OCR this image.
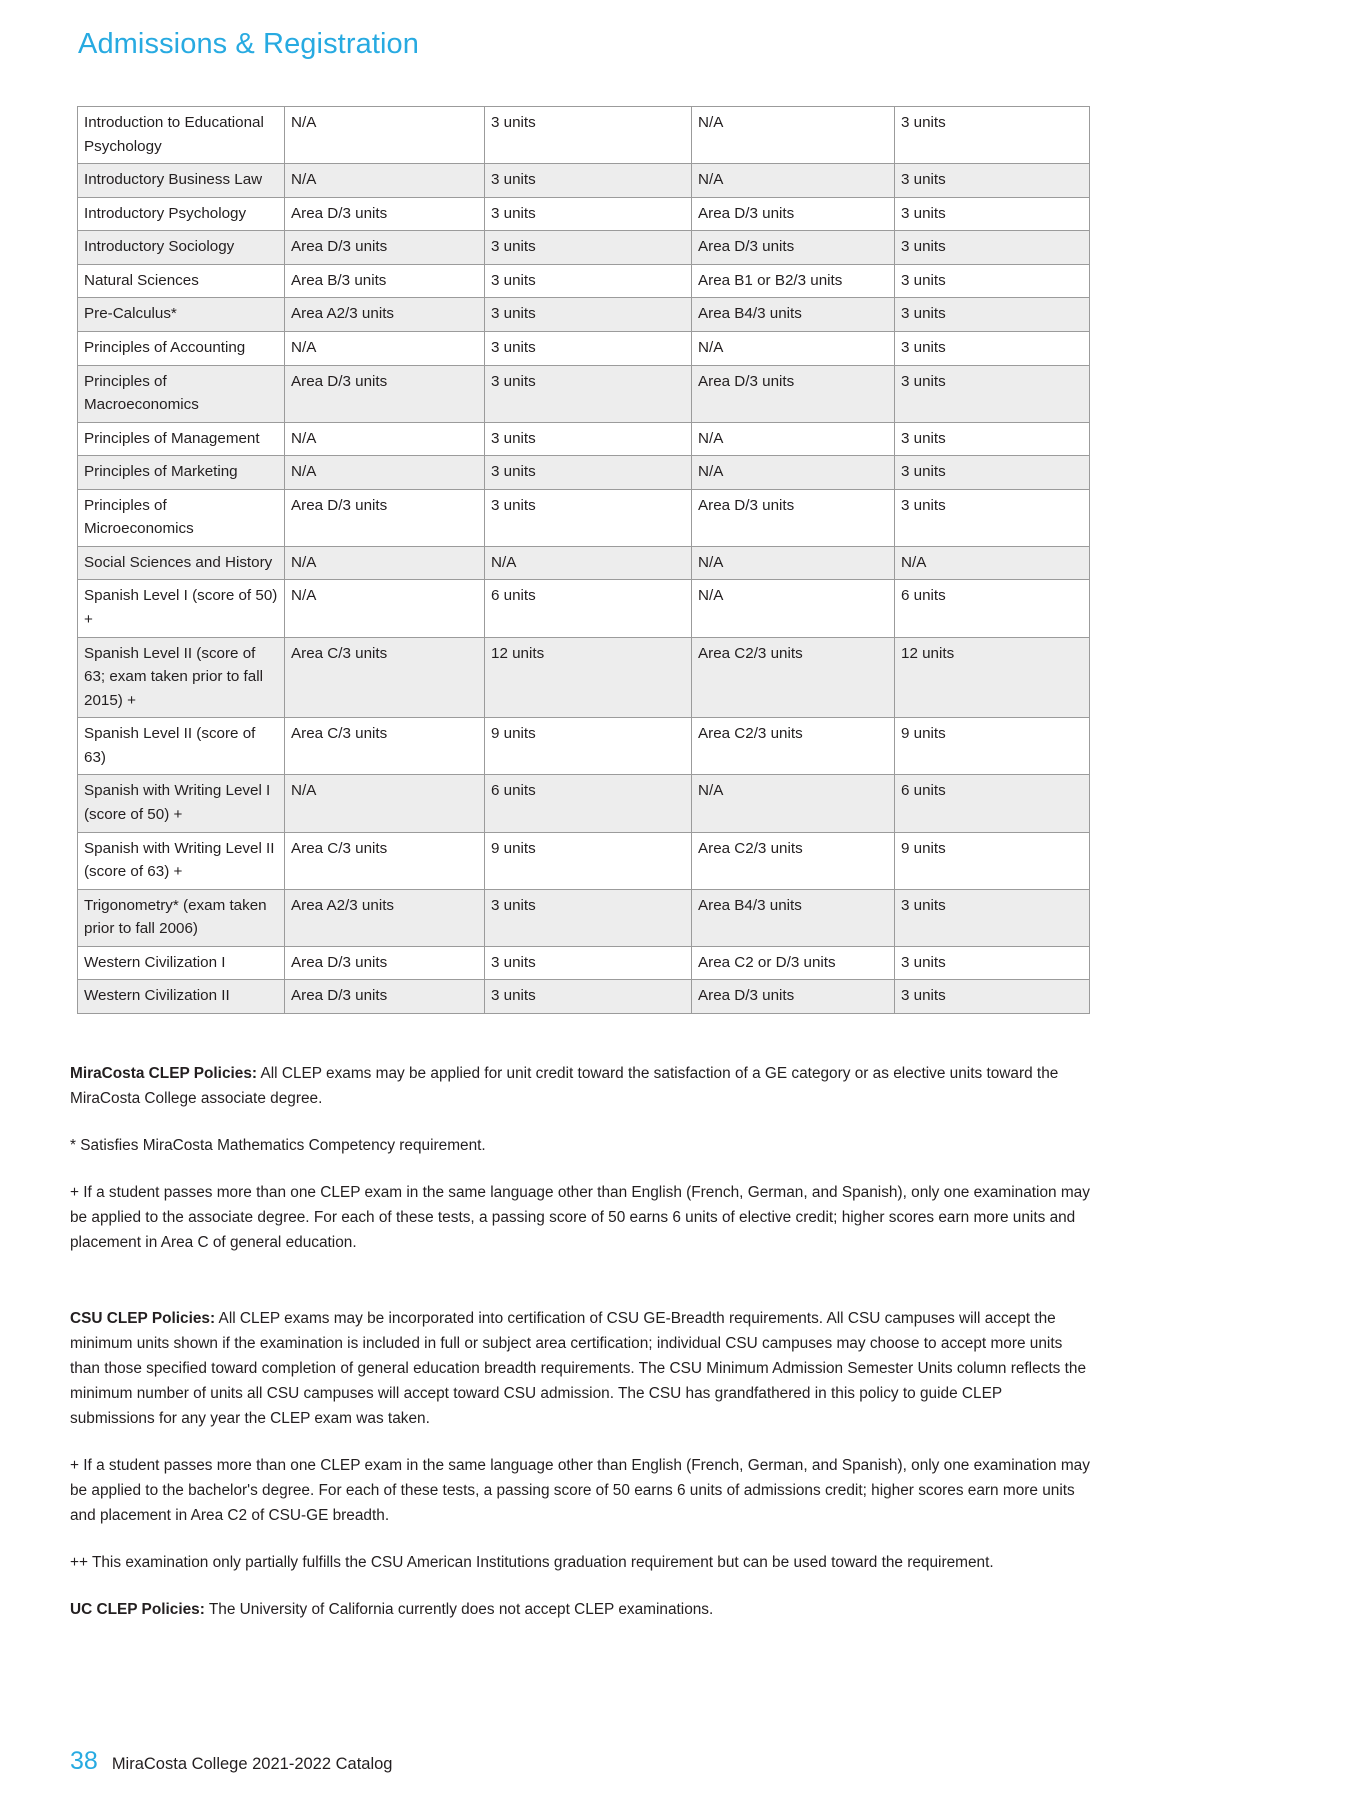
Admissions & Registration
Introduction to Educational Psychology	N/A	3 units	N/A	3 units
Introductory Business Law	N/A	3 units	N/A	3 units
Introductory Psychology	Area D/3 units	3 units	Area D/3 units	3 units
Introductory Sociology	Area D/3 units	3 units	Area D/3 units	3 units
Natural Sciences	Area B/3 units	3 units	Area B1 or B2/3 units	3 units
Pre-Calculus*	Area A2/3 units	3 units	Area B4/3 units	3 units
Principles of Accounting	N/A	3 units	N/A	3 units
Principles of Macroeconomics	Area D/3 units	3 units	Area D/3 units	3 units
Principles of Management	N/A	3 units	N/A	3 units
Principles of Marketing	N/A	3 units	N/A	3 units
Principles of Microeconomics	Area D/3 units	3 units	Area D/3 units	3 units
Social Sciences and History	N/A	N/A	N/A	N/A
Spanish Level I (score of 50) +	N/A	6 units	N/A	6 units
Spanish Level II (score of 63; exam taken prior to fall 2015) +	Area C/3 units	12 units	Area C2/3 units	12 units
Spanish Level II (score of 63)	Area C/3 units	9 units	Area C2/3 units	9 units
Spanish with Writing Level I (score of 50) +	N/A	6 units	N/A	6 units
Spanish with Writing Level II (score of 63) +	Area C/3 units	9 units	Area C2/3 units	9 units
Trigonometry* (exam taken prior to fall 2006)	Area A2/3 units	3 units	Area B4/3 units	3 units
Western Civilization I	Area D/3 units	3 units	Area C2 or D/3 units	3 units
Western Civilization II	Area D/3 units	3 units	Area D/3 units	3 units

MiraCosta CLEP Policies: All CLEP exams may be applied for unit credit toward the satisfaction of a GE category or as elective units toward the MiraCosta College associate degree.

* Satisfies MiraCosta Mathematics Competency requirement.

+ If a student passes more than one CLEP exam in the same language other than English (French, German, and Spanish), only one examination may be applied to the associate degree. For each of these tests, a passing score of 50 earns 6 units of elective credit; higher scores earn more units and placement in Area C of general education.

CSU CLEP Policies: All CLEP exams may be incorporated into certification of CSU GE-Breadth requirements. All CSU campuses will accept the minimum units shown if the examination is included in full or subject area certification; individual CSU campuses may choose to accept more units than those specified toward completion of general education breadth requirements. The CSU Minimum Admission Semester Units column reflects the minimum number of units all CSU campuses will accept toward CSU admission. The CSU has grandfathered in this policy to guide CLEP submissions for any year the CLEP exam was taken.

+ If a student passes more than one CLEP exam in the same language other than English (French, German, and Spanish), only one examination may be applied to the bachelor's degree. For each of these tests, a passing score of 50 earns 6 units of admissions credit; higher scores earn more units and placement in Area C2 of CSU-GE breadth.

++ This examination only partially fulfills the CSU American Institutions graduation requirement but can be used toward the requirement.

UC CLEP Policies: The University of California currently does not accept CLEP examinations.

38 MiraCosta College 2021-2022 Catalog
